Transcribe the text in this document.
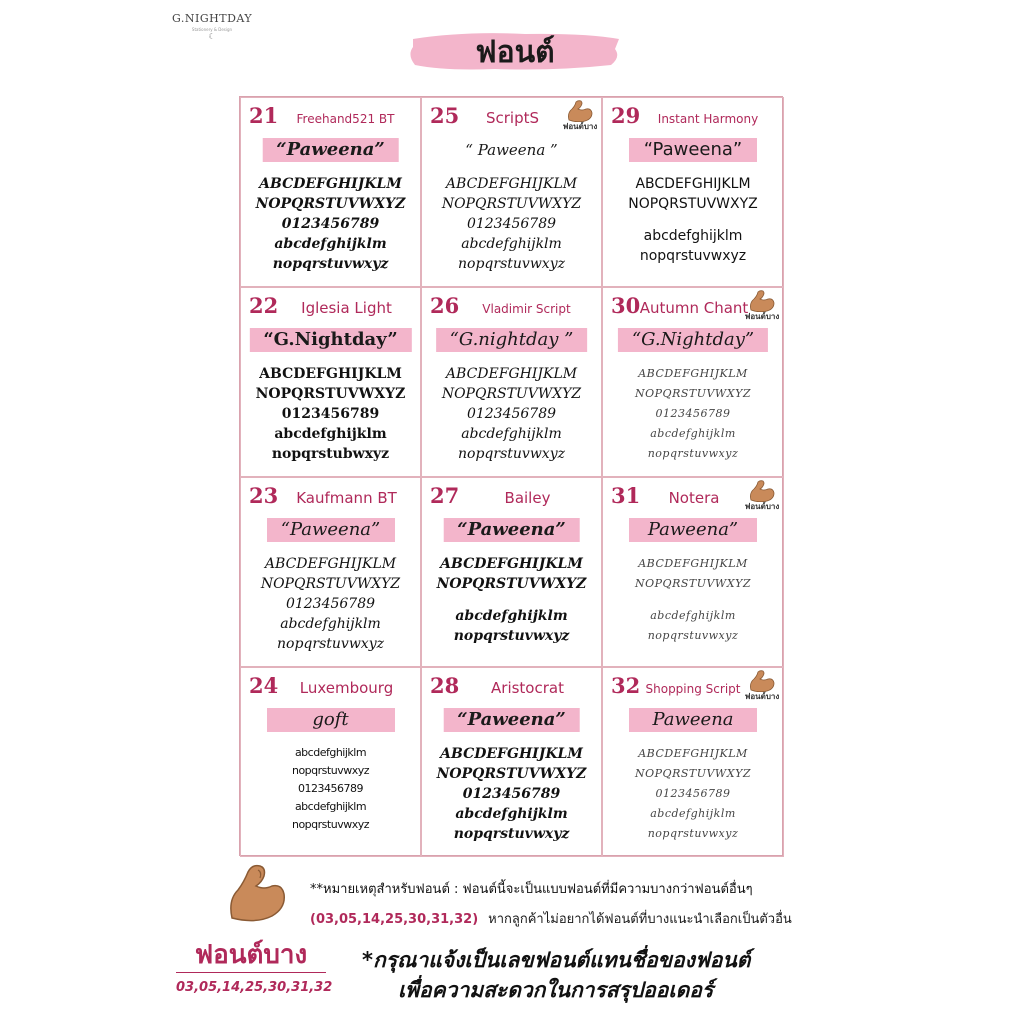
G.NIGHTDAY
Stationery & Design
☾	ฟอนต์
21	Freehand521 BT
“Paweena”
ABCDEFGHIJKLM
NOPQRSTUVWXYZ
0123456789
abcdefghijklm
nopqrstuvwxyz
25	ScriptS	ฟอนต์บาง
“ Paweena ”
ABCDEFGHIJKLM
NOPQRSTUVWXYZ
0123456789
abcdefghijklm
nopqrstuvwxyz
29	Instant Harmony
“Paweena”
ABCDEFGHIJKLM
NOPQRSTUVWXYZ
abcdefghijklm
nopqrstuvwxyz
22	Iglesia Light
“G.Nightday”
ABCDEFGHIJKLM
NOPQRSTUVWXYZ
0123456789
abcdefghijklm
nopqrstubwxyz
26	Vladimir Script
“G.nightday ”
ABCDEFGHIJKLM
NOPQRSTUVWXYZ
0123456789
abcdefghijklm
nopqrstuvwxyz
30 Autumn Chant
ฟอนต์บาง
“G.Nightday”
ABCDEFGHIJKLM
NOPQRSTUVWXYZ
0123456789
abcdefghijklm
nopqrstuvwxyz
23	Kaufmann BT
“Paweena”
ABCDEFGHIJKLM
NOPQRSTUVWXYZ
0123456789
abcdefghijklm
nopqrstuvwxyz
27	Bailey
“Paweena”
ABCDEFGHIJKLM
NOPQRSTUVWXYZ
abcdefghijklm
nopqrstuvwxyz
31	Notera	ฟอนต์บาง
Paweena”
ABCDEFGHIJKLM
NOPQRSTUVWXYZ
abcdefghijklm
nopqrstuvwxyz
24	Luxembourg
goft
abcdefghijklm
nopqrstuvwxyz
0123456789
abcdefghijklm
nopqrstuvwxyz
28	Aristocrat
“Paweena”
ABCDEFGHIJKLM
NOPQRSTUVWXYZ
0123456789
abcdefghijklm
nopqrstuvwxyz
32 Shopping Script
ฟอนต์บาง
Paweena
ABCDEFGHIJKLM
NOPQRSTUVWXYZ
0123456789
abcdefghijklm
nopqrstuvwxyz
**หมายเหตุสำหรับฟอนต์ : ฟอนต์นี้จะเป็นแบบฟอนต์ที่มีความบางกว่าฟอนต์อื่นๆ
(03,05,14,25,30,31,32) หากลูกค้าไม่อยากได้ฟอนต์ที่บางแนะนำเลือกเป็นตัวอื่น
ฟอนต์บาง
03,05,14,25,30,31,32
*กรุณาแจ้งเป็นเลขฟอนต์แทนชื่อของฟอนต์
เพื่อความสะดวกในการสรุปออเดอร์
